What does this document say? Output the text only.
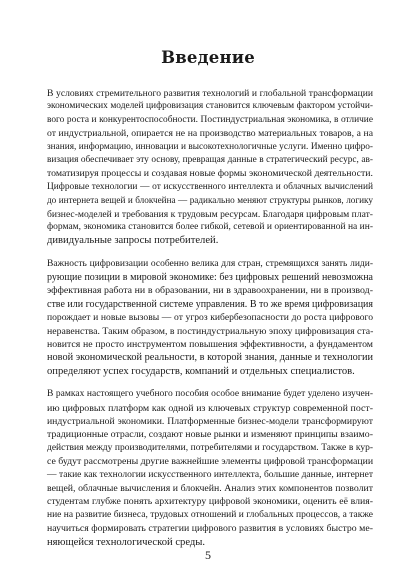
Введение
В условиях стремительного развития технологий и глобальной трансформации
экономических моделей цифровизация становится ключевым фактором устойчи-
вого роста и конкурентоспособности. Постиндустриальная экономика, в отличие
от индустриальной, опирается не на производство материальных товаров, а на
знания, информацию, инновации и высокотехнологичные услуги. Именно цифро-
визация обеспечивает эту основу, превращая данные в стратегический ресурс, ав-
томатизируя процессы и создавая новые формы экономической деятельности.
Цифровые технологии — от искусственного интеллекта и облачных вычислений
до интернета вещей и блокчейна — радикально меняют структуры рынков, логику
бизнес-моделей и требования к трудовым ресурсам. Благодаря цифровым плат-
формам, экономика становится более гибкой, сетевой и ориентированной на ин-
дивидуальные запросы потребителей.
Важность цифровизации особенно велика для стран, стремящихся занять лиди-
рующие позиции в мировой экономике: без цифровых решений невозможна
эффективная работа ни в образовании, ни в здравоохранении, ни в производ-
стве или государственной системе управления. В то же время цифровизация
порождает и новые вызовы — от угроз кибербезопасности до роста цифрового
неравенства. Таким образом, в постиндустриальную эпоху цифровизация ста-
новится не просто инструментом повышения эффективности, а фундаментом
новой экономической реальности, в которой знания, данные и технологии
определяют успех государств, компаний и отдельных специалистов.
В рамках настоящего учебного пособия особое внимание будет уделено изучен-
ию цифровых платформ как одной из ключевых структур современной пост-
индустриальной экономики. Платформенные бизнес-модели трансформируют
традиционные отрасли, создают новые рынки и изменяют принципы взаимо-
действия между производителями, потребителями и государством. Также в кур-
се будут рассмотрены другие важнейшие элементы цифровой трансформации
— такие как технологии искусственного интеллекта, большие данные, интернет
вещей, облачные вычисления и блокчейн. Анализ этих компонентов позволит
студентам глубже понять архитектуру цифровой экономики, оценить её влия-
ние на развитие бизнеса, трудовых отношений и глобальных процессов, а также
научиться формировать стратегии цифрового развития в условиях быстро ме-
няющейся технологической среды.
5
